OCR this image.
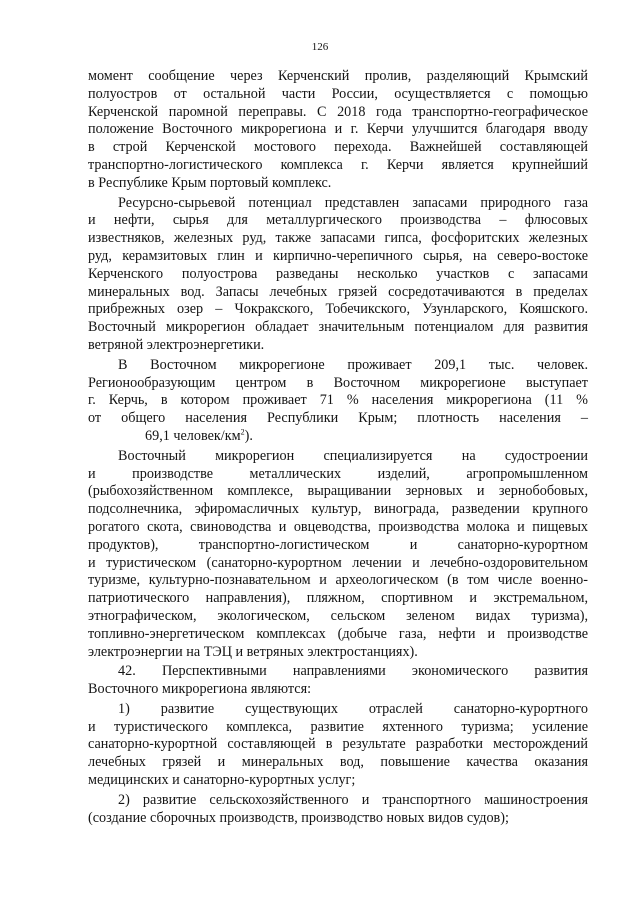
126
момент сообщение через Керченский пролив, разделяющий Крымский
полуостров от остальной части России, осуществляется с помощью
Керченской паромной переправы. С 2018 года транспортно-географическое
положение Восточного микрорегиона и г. Керчи улучшится благодаря вводу
в строй Керченской мостового перехода. Важнейшей составляющей
транспортно-логистического комплекса г. Керчи является крупнейший
в Республике Крым портовый комплекс.
Ресурсно-сырьевой потенциал представлен запасами природного газа
и нефти, сырья для металлургического производства – флюсовых
известняков, железных руд, также запасами гипса, фосфоритских железных
руд, керамзитовых глин и кирпично-черепичного сырья, на северо-востоке
Керченского полуострова разведаны несколько участков с запасами
минеральных вод. Запасы лечебных грязей сосредотачиваются в пределах
прибрежных озер – Чокракского, Тобечикского, Узунларского, Кояшского.
Восточный микрорегион обладает значительным потенциалом для развития
ветряной электроэнергетики.
В Восточном микрорегионе проживает 209,1 тыс. человек.
Регионообразующим центром в Восточном микрорегионе выступает
г. Керчь, в котором проживает 71 % населения микрорегиона (11 %
от общего населения Республики Крым; плотность населения –
69,1 человек/$км^2$).
Восточный микрорегион специализируется на судостроении
и производстве металлических изделий, агропромышленном
(рыбохозяйственном комплексе, выращивании зерновых и зернобобовых,
подсолнечника, эфиромасличных культур, винограда, разведении крупного
рогатого скота, свиноводства и овцеводства, производства молока и пищевых
продуктов), транспортно-логистическом и санаторно-курортном
и туристическом (санаторно-курортном лечении и лечебно-оздоровительном
туризме, культурно-познавательном и археологическом (в том числе военно-
патриотического направления), пляжном, спортивном и экстремальном,
этнографическом, экологическом, сельском зеленом видах туризма),
топливно-энергетическом комплексах (добыче газа, нефти и производстве
электроэнергии на ТЭЦ и ветряных электростанциях).
42. Перспективными направлениями экономического развития
Восточного микрорегиона являются:
1) развитие существующих отраслей санаторно-курортного
и туристического комплекса, развитие яхтенного туризма; усиление
санаторно-курортной составляющей в результате разработки месторождений
лечебных грязей и минеральных вод, повышение качества оказания
медицинских и санаторно-курортных услуг;
2) развитие сельскохозяйственного и транспортного машиностроения
(создание сборочных производств, производство новых видов судов);
